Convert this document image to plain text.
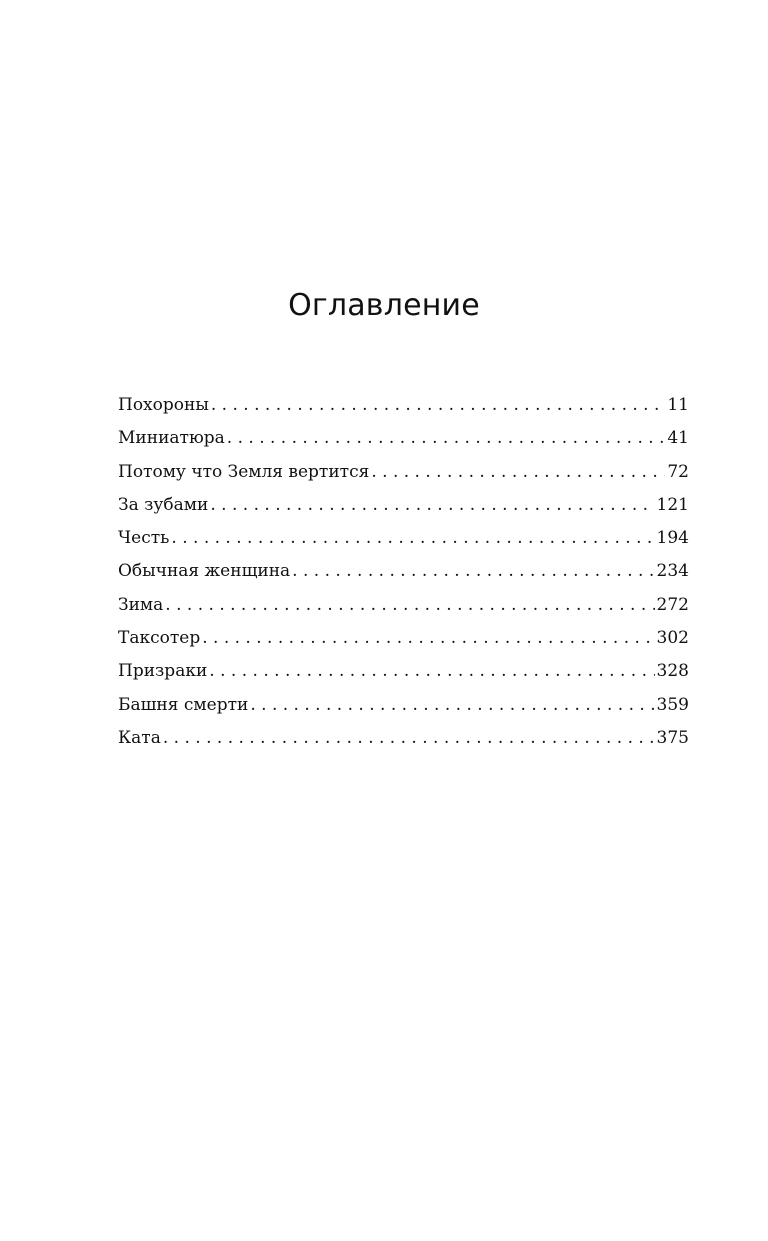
Оглавление
Похороны . . .	11
Миниатюра . . .	41
Потому что Земля вертится . . .	72
За зубами . . .	121
Честь . . .	194
Обычная женщина . . .	234
Зима . . .	272
Таксотер . . .	302
Призраки . . .	328
Башня смерти . . .	359
Ката . . .	375
